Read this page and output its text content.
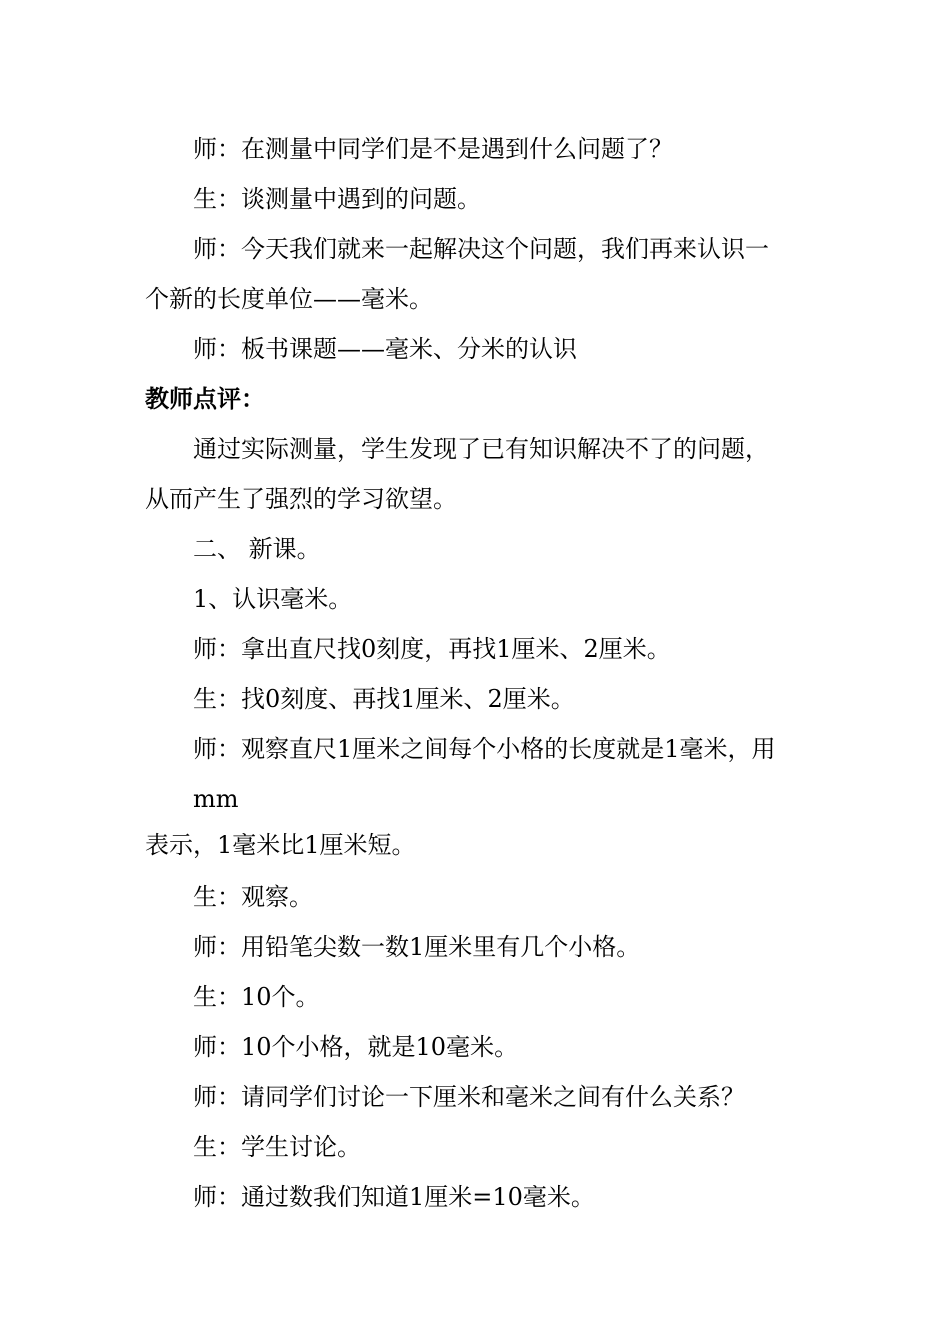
师：在测量中同学们是不是遇到什么问题了？
生：谈测量中遇到的问题。
师：今天我们就来一起解决这个问题，我们再来认识一
个新的长度单位——毫米。
师：板书课题——毫米、分米的认识
教师点评：
通过实际测量，学生发现了已有知识解决不了的问题，
从而产生了强烈的学习欲望。
二、 新课。
1、认识毫米。
师：拿出直尺找0刻度，再找1厘米、2厘米。
生：找0刻度、再找1厘米、2厘米。
师：观察直尺1厘米之间每个小格的长度就是1毫米，用
mm
表示，1毫米比1厘米短。
生：观察。
师：用铅笔尖数一数1厘米里有几个小格。
生：10个。
师：10个小格，就是10毫米。
师：请同学们讨论一下厘米和毫米之间有什么关系？
生：学生讨论。
师：通过数我们知道1厘米=10毫米。
